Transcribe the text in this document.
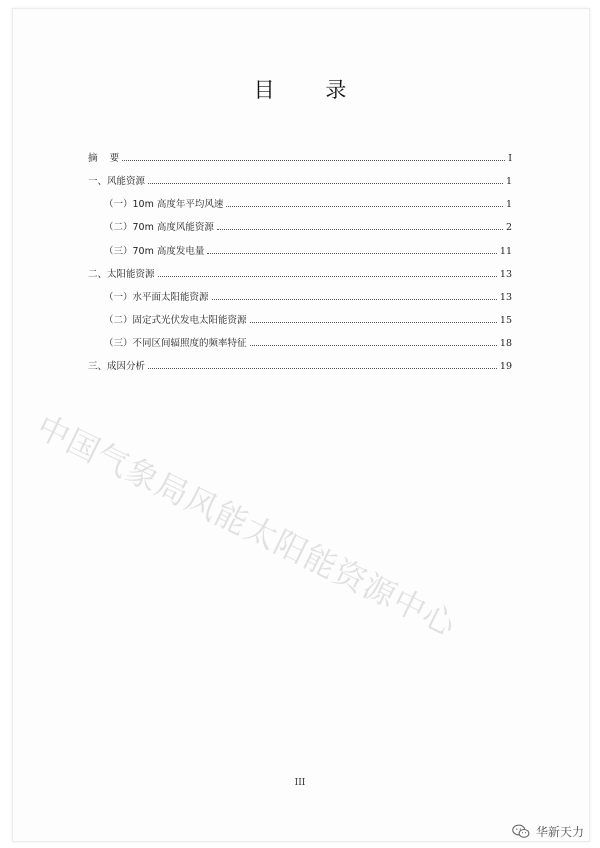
目 录
摘    要	I
一、风能资源	1
（一）10m 高度年平均风速	1
（二）70m 高度风能资源	2
（三）70m 高度发电量	11
二、太阳能资源	13
（一）水平面太阳能资源	13
（二）固定式光伏发电太阳能资源	15
（三）不同区间辐照度的频率特征	18
三、成因分析	19
中国气象局风能太阳能资源中心
III
华新天力
